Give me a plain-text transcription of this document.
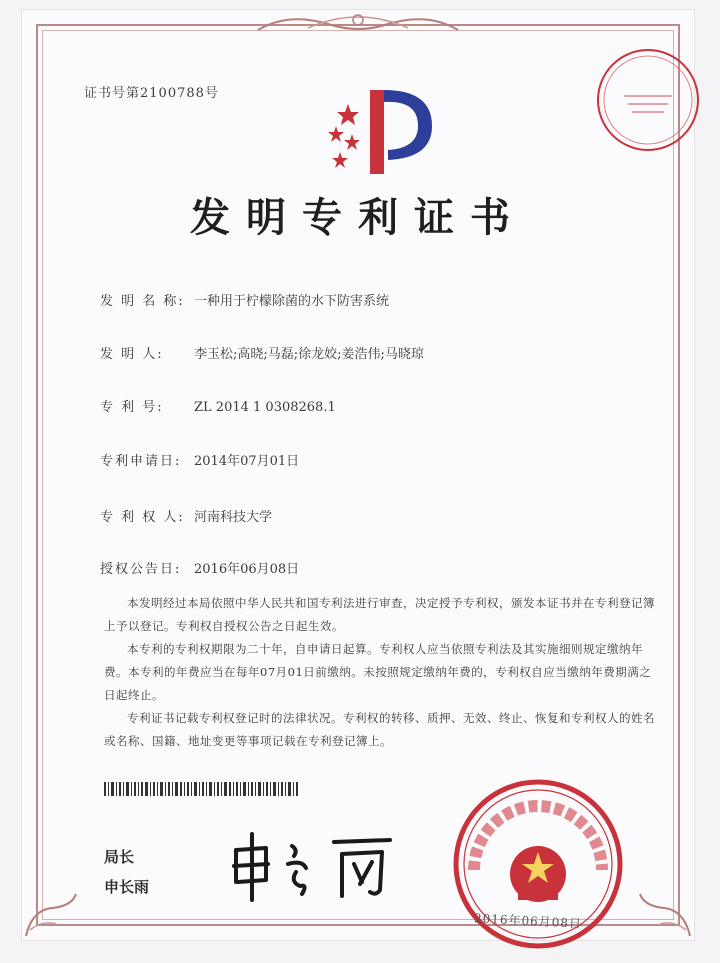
证书号第2100788号
发明专利证书
发 明 名 称: 一种用于柠檬除菌的水下防害系统
发 明 人: 李玉松;高晓;马磊;徐龙姣;姜浩伟;马晓琼
专 利 号: ZL 2014 1 0308268.1
专利申请日: 2014年07月01日
专 利 权 人: 河南科技大学
授权公告日: 2016年06月08日

本发明经过本局依照中华人民共和国专利法进行审查，决定授予专利权，颁发本证书并在专利登记簿上予以登记。专利权自授权公告之日起生效。

本专利的专利权期限为二十年，自申请日起算。专利权人应当依照专利法及其实施细则规定缴纳年费。本专利的年费应当在每年07月01日前缴纳。未按照规定缴纳年费的，专利权自应当缴纳年费期满之日起终止。

专利证书记载专利权登记时的法律状况。专利权的转移、质押、无效、终止、恢复和专利权人的姓名或名称、国籍、地址变更等事项记载在专利登记簿上。

局长
申长雨
2016年06月08日
